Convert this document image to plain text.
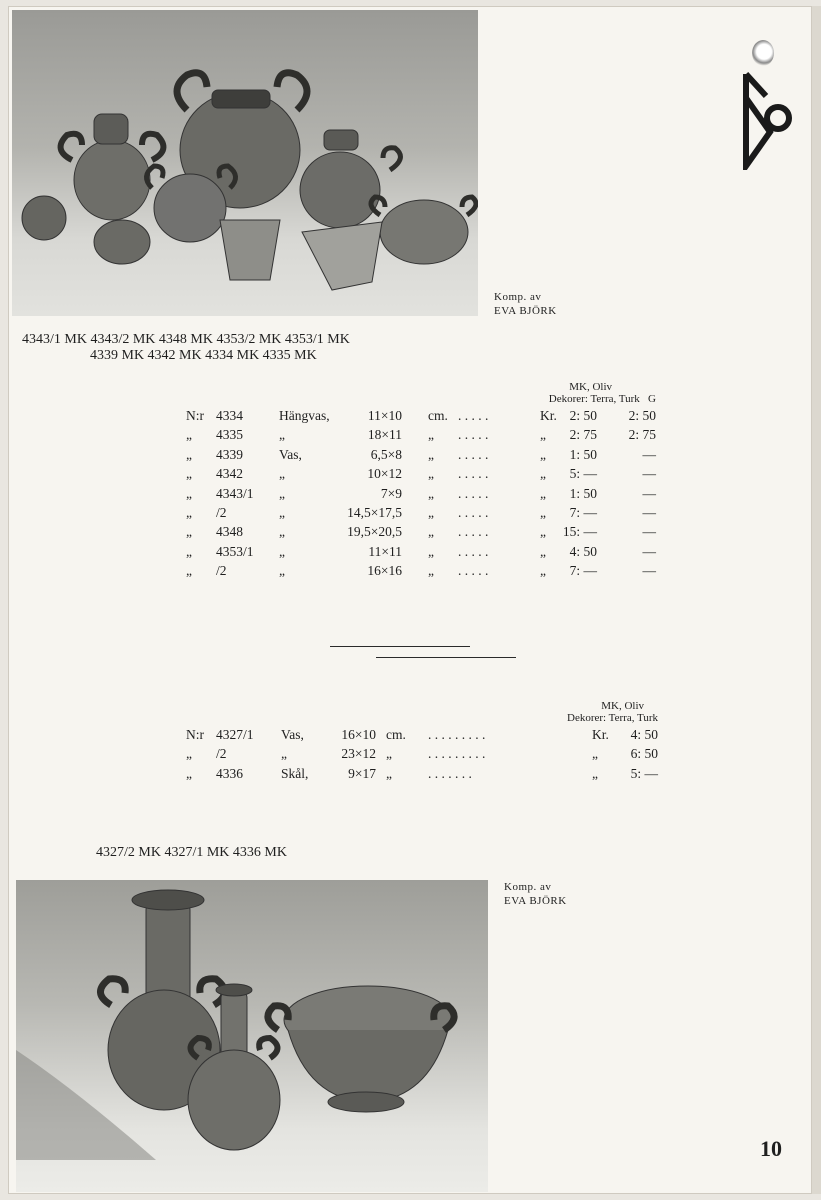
Komp. av
EVA BJÖRK
4343/1 MK 4343/2 MK 4348 MK 4353/2 MK 4353/1 MK
4339 MK 4342 MK 4334 MK 4335 MK
MK, Oliv
Dekorer: Terra, Turk G
N:r 4334	Hängvas,	11×10 cm. . . . . .	Kr. 2: 50 2: 50
„ 4335	„	18×11 „ . . . . .	„ 2: 75 2: 75
„ 4339	Vas,	6,5×8 „ . . . . .	„ 1: 50	—
„ 4342	„	10×12 „ . . . . .	„ 5: —	—
„ 4343/1 „	7×9 „ . . . . .	„ 1: 50	—
„ /2	„	14,5×17,5 „ . . . . .	„ 7: —	—
„ 4348	„	19,5×20,5 „ . . . . .	„ 15: —	—
„ 4353/1 „	11×11 „ . . . . .	„ 4: 50	—
„ /2	„	16×16 „ . . . . .	„ 7: —	—
MK, Oliv
Dekorer: Terra, Turk
N:r 4327/1 Vas,	16×10 cm. . . . . . . . . .	Kr. 4: 50
„ /2	„	23×12 „	. . . . . . . . .	„ 6: 50
„ 4336	Skål,	9×17 „	. . . . . . .	„ 5: —
4327/2 MK 4327/1 MK 4336 MK
Komp. av
EVA BJÖRK
10
